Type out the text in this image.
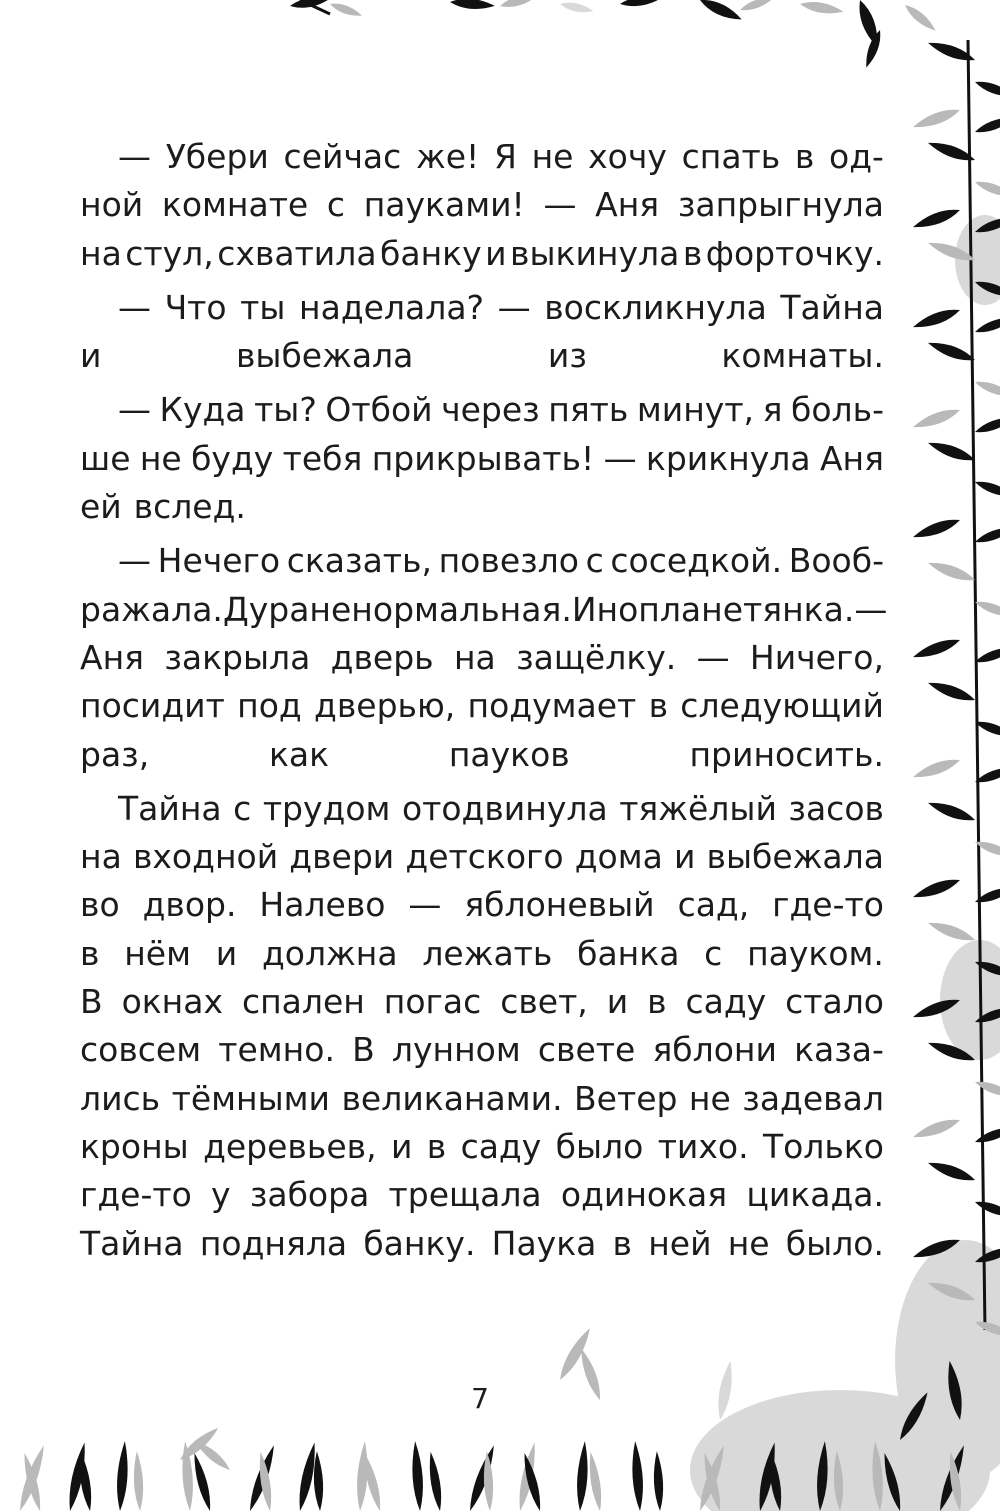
— Убери сейчас же! Я не хочу спать в од-
ной комнате с пауками! — Аня запрыгнула
на стул, схватила банку и выкинула в форточку.
— Что ты наделала? — воскликнула Тайна
и	выбежала	из	комнаты.
— Куда ты? Отбой через пять минут, я боль-
ше не буду тебя прикрывать! — крикнула Аня
ей вслед.
— Нечего сказать, повезло с соседкой. Вооб-
ражала. Дура ненормальная. Инопланетянка. —
Аня закрыла дверь на защёлку. — Ничего,
посидит под дверью, подумает в следующий
раз,	как	пауков	приносить.
Тайна с трудом отодвинула тяжёлый засов
на входной двери детского дома и выбежала
во двор. Налево — яблоневый сад, где-то
в нём и должна лежать банка с пауком.
В окнах спален погас свет, и в саду стало
совсем темно. В лунном свете яблони каза-
лись тёмными великанами. Ветер не задевал
кроны деревьев, и в саду было тихо. Только
где-то у забора трещала одинокая цикада.
Тайна подняла банку. Паука в ней не было.
7
